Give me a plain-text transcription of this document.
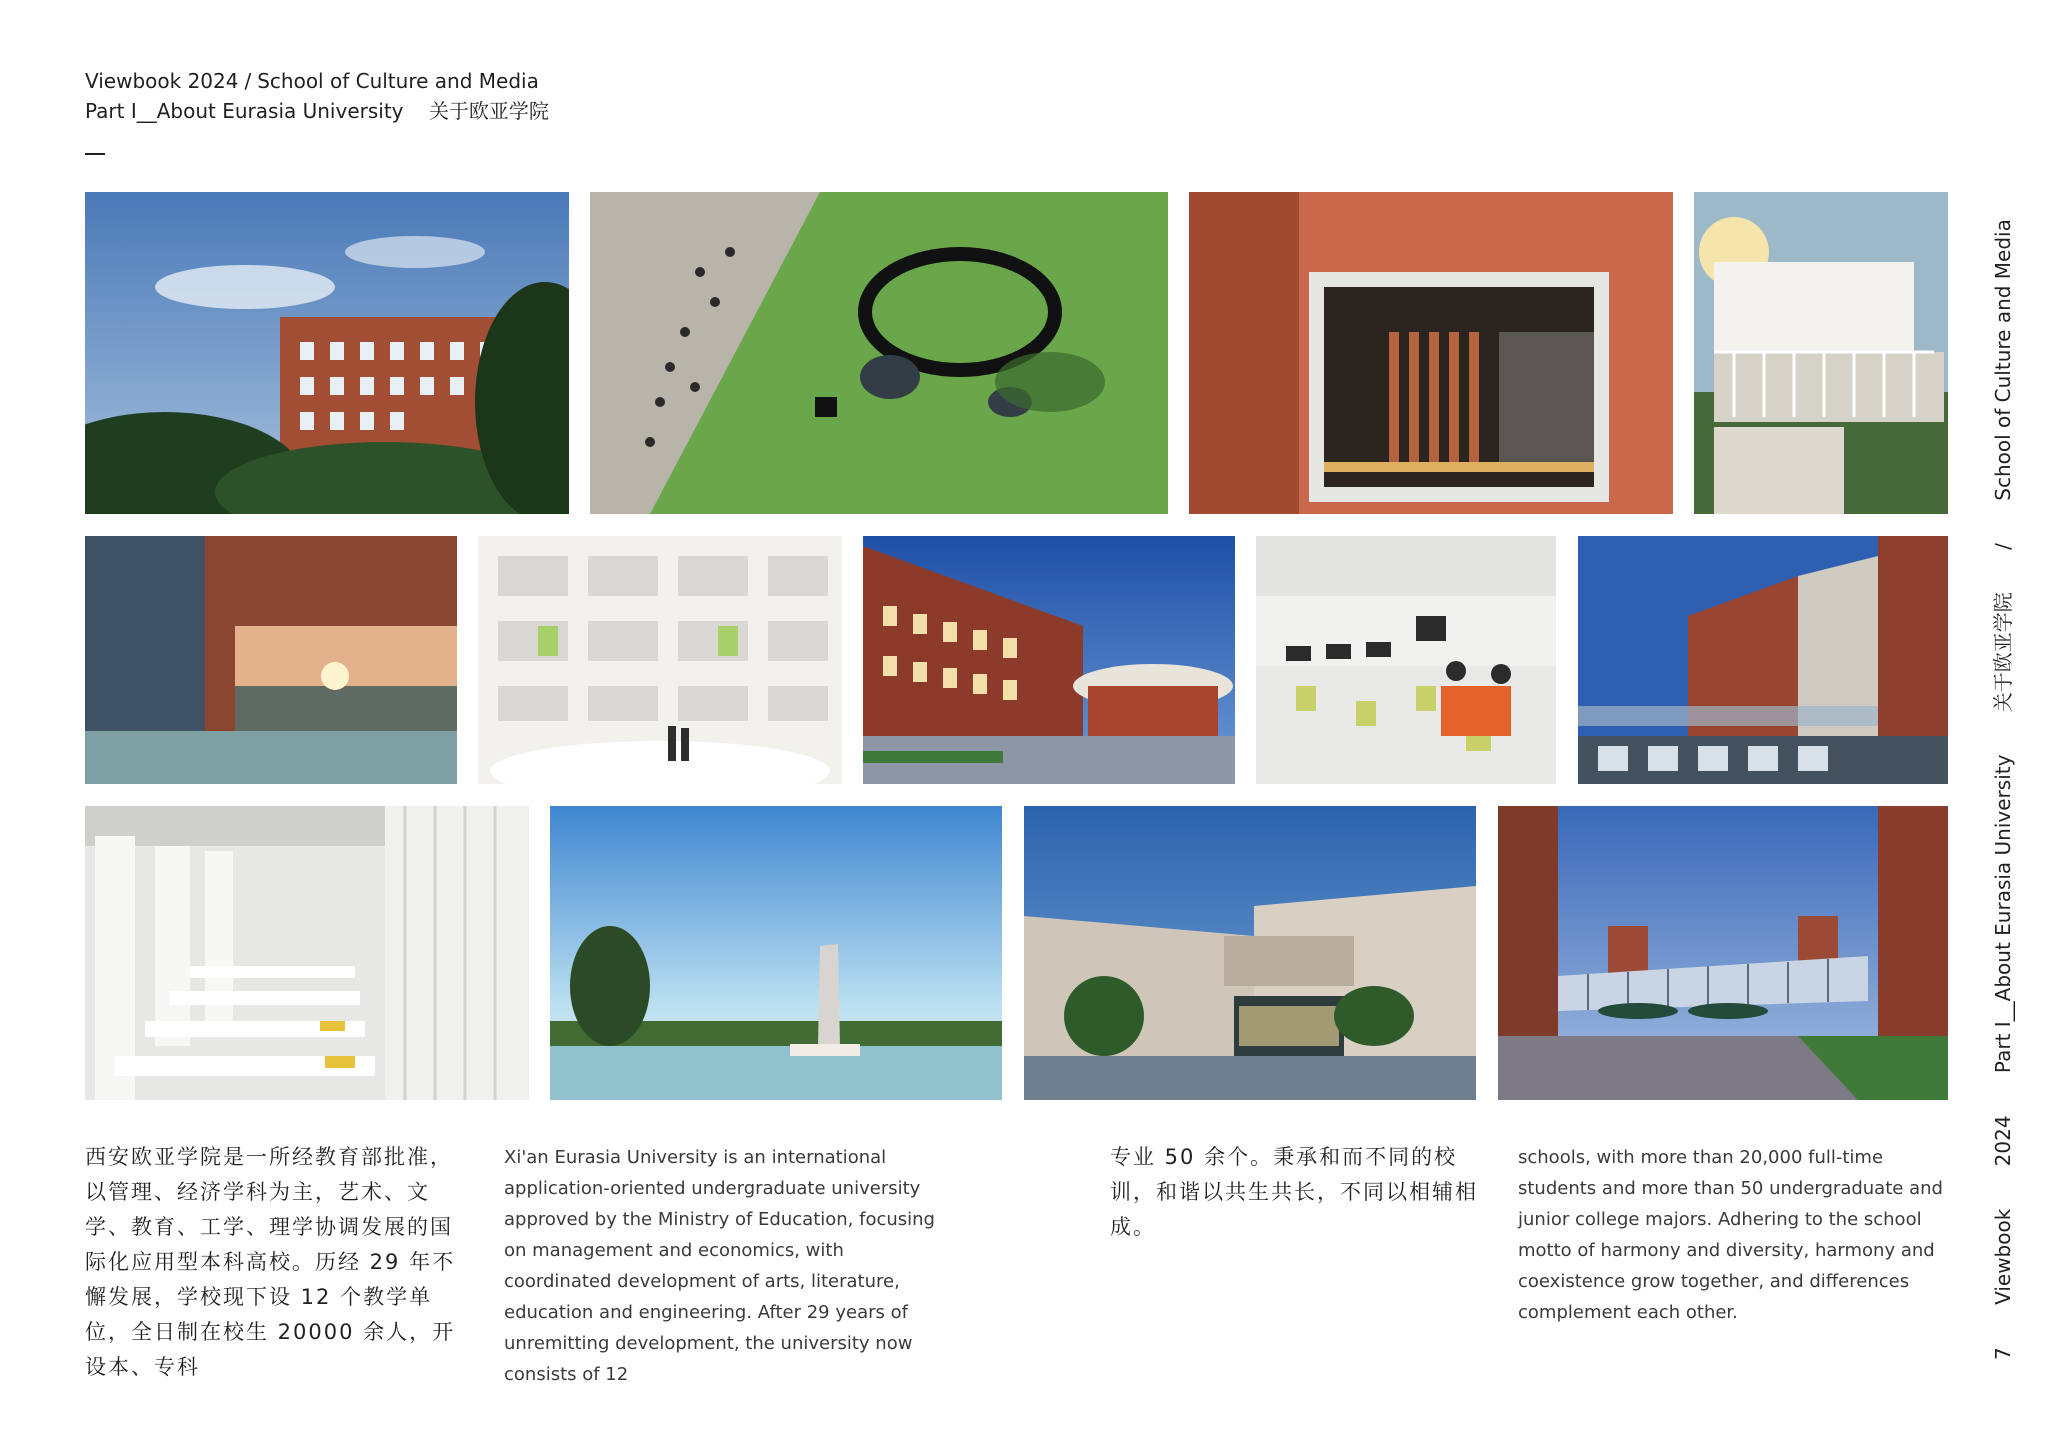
Viewbook 2024 / School of Culture and Media
Part I__About Eurasia University 关于欧亚学院

西安欧亚学院是一所经教育部批准，以管理、经济学科为主，艺术、文学、教育、工学、理学协调发展的国际化应用型本科高校。历经 29 年不懈发展，学校现下设 12 个教学单位，全日制在校生 20000 余人，开设本、专科

Xi'an Eurasia University is an international application-oriented undergraduate university approved by the Ministry of Education, focusing on management and economics, with coordinated development of arts, literature, education and engineering. After 29 years of unremitting development, the university now consists of 12

专业 50 余个。秉承和而不同的校训，和谐以共生共长，不同以相辅相成。

schools, with more than 20,000 full-time students and more than 50 undergraduate and junior college majors. Adhering to the school motto of harmony and diversity, harmony and coexistence grow together, and differences complement each other.

7 Viewbook 2024 Part I__About Eurasia University 关于欧亚学院 / School of Culture and Media
